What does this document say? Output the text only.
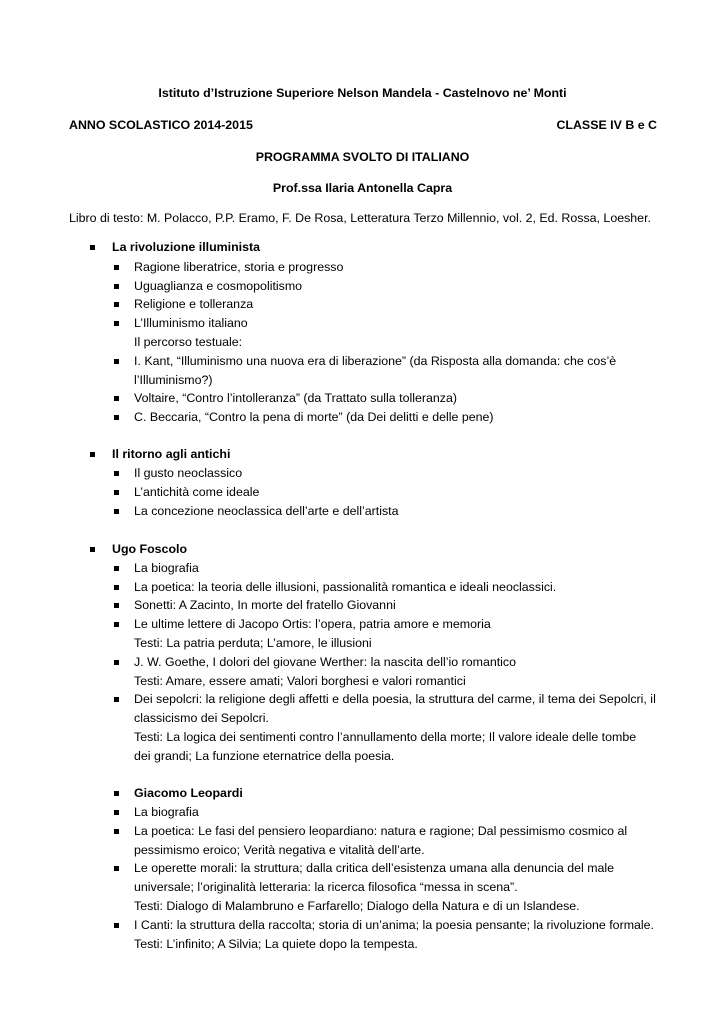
Istituto d’Istruzione Superiore Nelson Mandela - Castelnovo ne’ Monti
ANNO SCOLASTICO 2014-2015	CLASSE IV B e C
PROGRAMMA SVOLTO DI ITALIANO
Prof.ssa Ilaria Antonella Capra
Libro di testo: M. Polacco, P.P. Eramo, F. De Rosa, Letteratura Terzo Millennio, vol. 2, Ed. Rossa, Loesher.
La rivoluzione illuminista
Ragione liberatrice, storia e progresso
Uguaglianza e cosmopolitismo
Religione e tolleranza
L’Illuminismo italiano
Il percorso testuale:
I. Kant, “Illuminismo una nuova era di liberazione” (da Risposta alla domanda: che cos’è
l’Illuminismo?)
Voltaire, “Contro l’intolleranza” (da Trattato sulla tolleranza)
C. Beccaria, “Contro la pena di morte” (da Dei delitti e delle pene)
Il ritorno agli antichi
Il gusto neoclassico
L’antichità come ideale
La concezione neoclassica dell’arte e dell’artista
Ugo Foscolo
La biografia
La poetica: la teoria delle illusioni, passionalità romantica e ideali neoclassici.
Sonetti: A Zacinto, In morte del fratello Giovanni
Le ultime lettere di Jacopo Ortis: l’opera, patria amore e memoria
Testi: La patria perduta; L’amore, le illusioni
J. W. Goethe, I dolori del giovane Werther: la nascita dell’io romantico
Testi: Amare, essere amati; Valori borghesi e valori romantici
Dei sepolcri: la religione degli affetti e della poesia, la struttura del carme, il tema dei Sepolcri, il
classicismo dei Sepolcri.
Testi: La logica dei sentimenti contro l’annullamento della morte; Il valore ideale delle tombe
dei grandi; La funzione eternatrice della poesia.
Giacomo Leopardi
La biografia
La poetica: Le fasi del pensiero leopardiano: natura e ragione; Dal pessimismo cosmico al
pessimismo eroico; Verità negativa e vitalità dell’arte.
Le operette morali: la struttura; dalla critica dell’esistenza umana alla denuncia del male
universale; l’originalità letteraria: la ricerca filosofica “messa in scena”.
Testi: Dialogo di Malambruno e Farfarello; Dialogo della Natura e di un Islandese.
I Canti: la struttura della raccolta; storia di un’anima; la poesia pensante; la rivoluzione formale.
Testi: L’infinito; A Silvia; La quiete dopo la tempesta.
